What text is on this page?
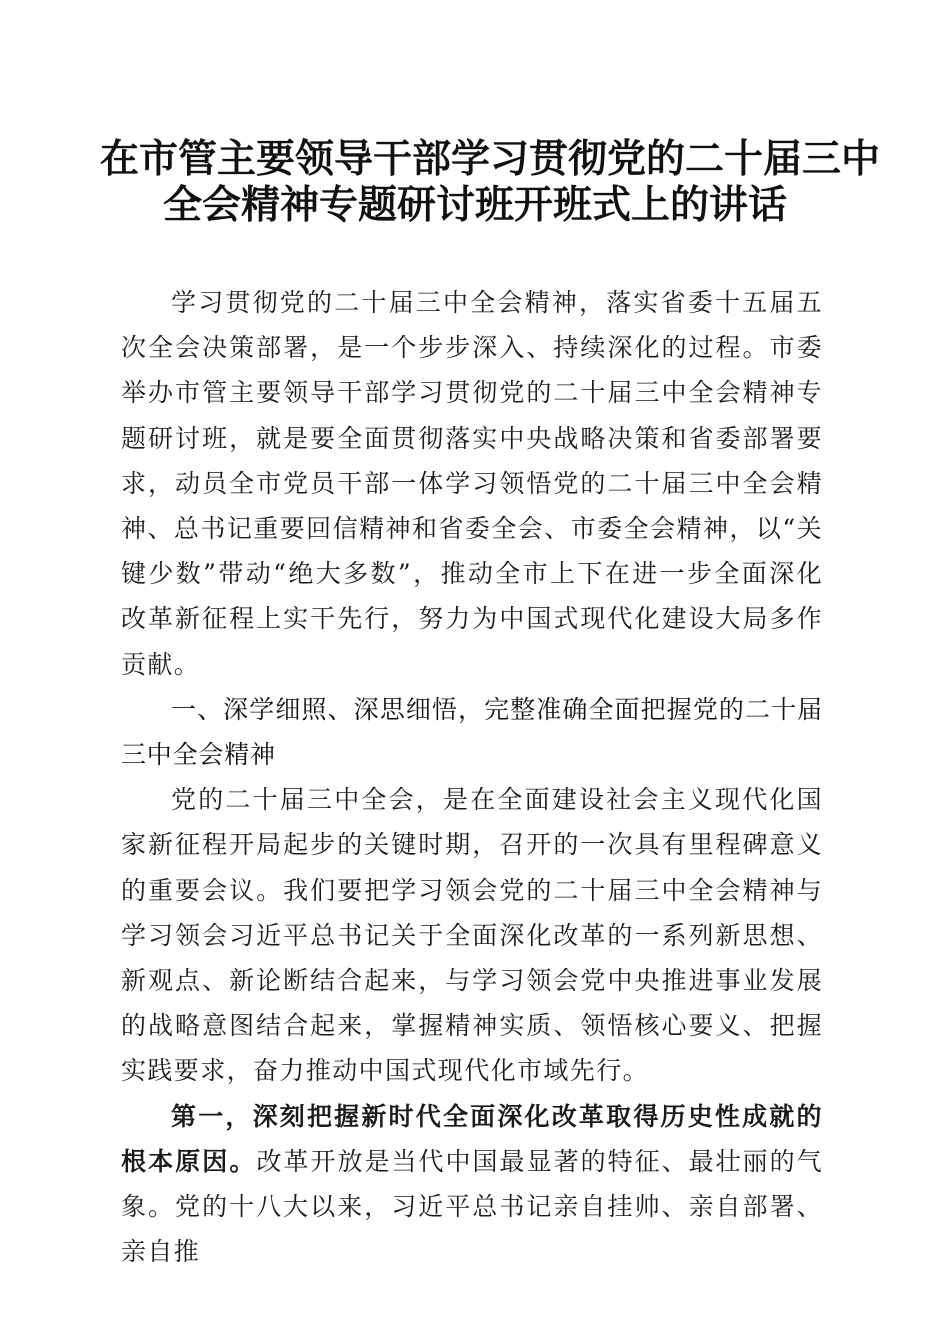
在市管主要领导干部学习贯彻党的二十届三中
全会精神专题研讨班开班式上的讲话

学习贯彻党的二十届三中全会精神，落实省委十五届五次全会决策部署，是一个步步深入、持续深化的过程。市委举办市管主要领导干部学习贯彻党的二十届三中全会精神专题研讨班，就是要全面贯彻落实中央战略决策和省委部署要求，动员全市党员干部一体学习领悟党的二十届三中全会精神、总书记重要回信精神和省委全会、市委全会精神，以“关键少数”带动“绝大多数”，推动全市上下在进一步全面深化改革新征程上实干先行，努力为中国式现代化建设大局多作贡献。

一、深学细照、深思细悟，完整准确全面把握党的二十届三中全会精神

党的二十届三中全会，是在全面建设社会主义现代化国家新征程开局起步的关键时期，召开的一次具有里程碑意义的重要会议。我们要把学习领会党的二十届三中全会精神与学习领会习近平总书记关于全面深化改革的一系列新思想、新观点、新论断结合起来，与学习领会党中央推进事业发展的战略意图结合起来，掌握精神实质、领悟核心要义、把握实践要求，奋力推动中国式现代化市域先行。

第一，深刻把握新时代全面深化改革取得历史性成就的根本原因。改革开放是当代中国最显著的特征、最壮丽的气象。党的十八大以来，习近平总书记亲自挂帅、亲自部署、亲自推
